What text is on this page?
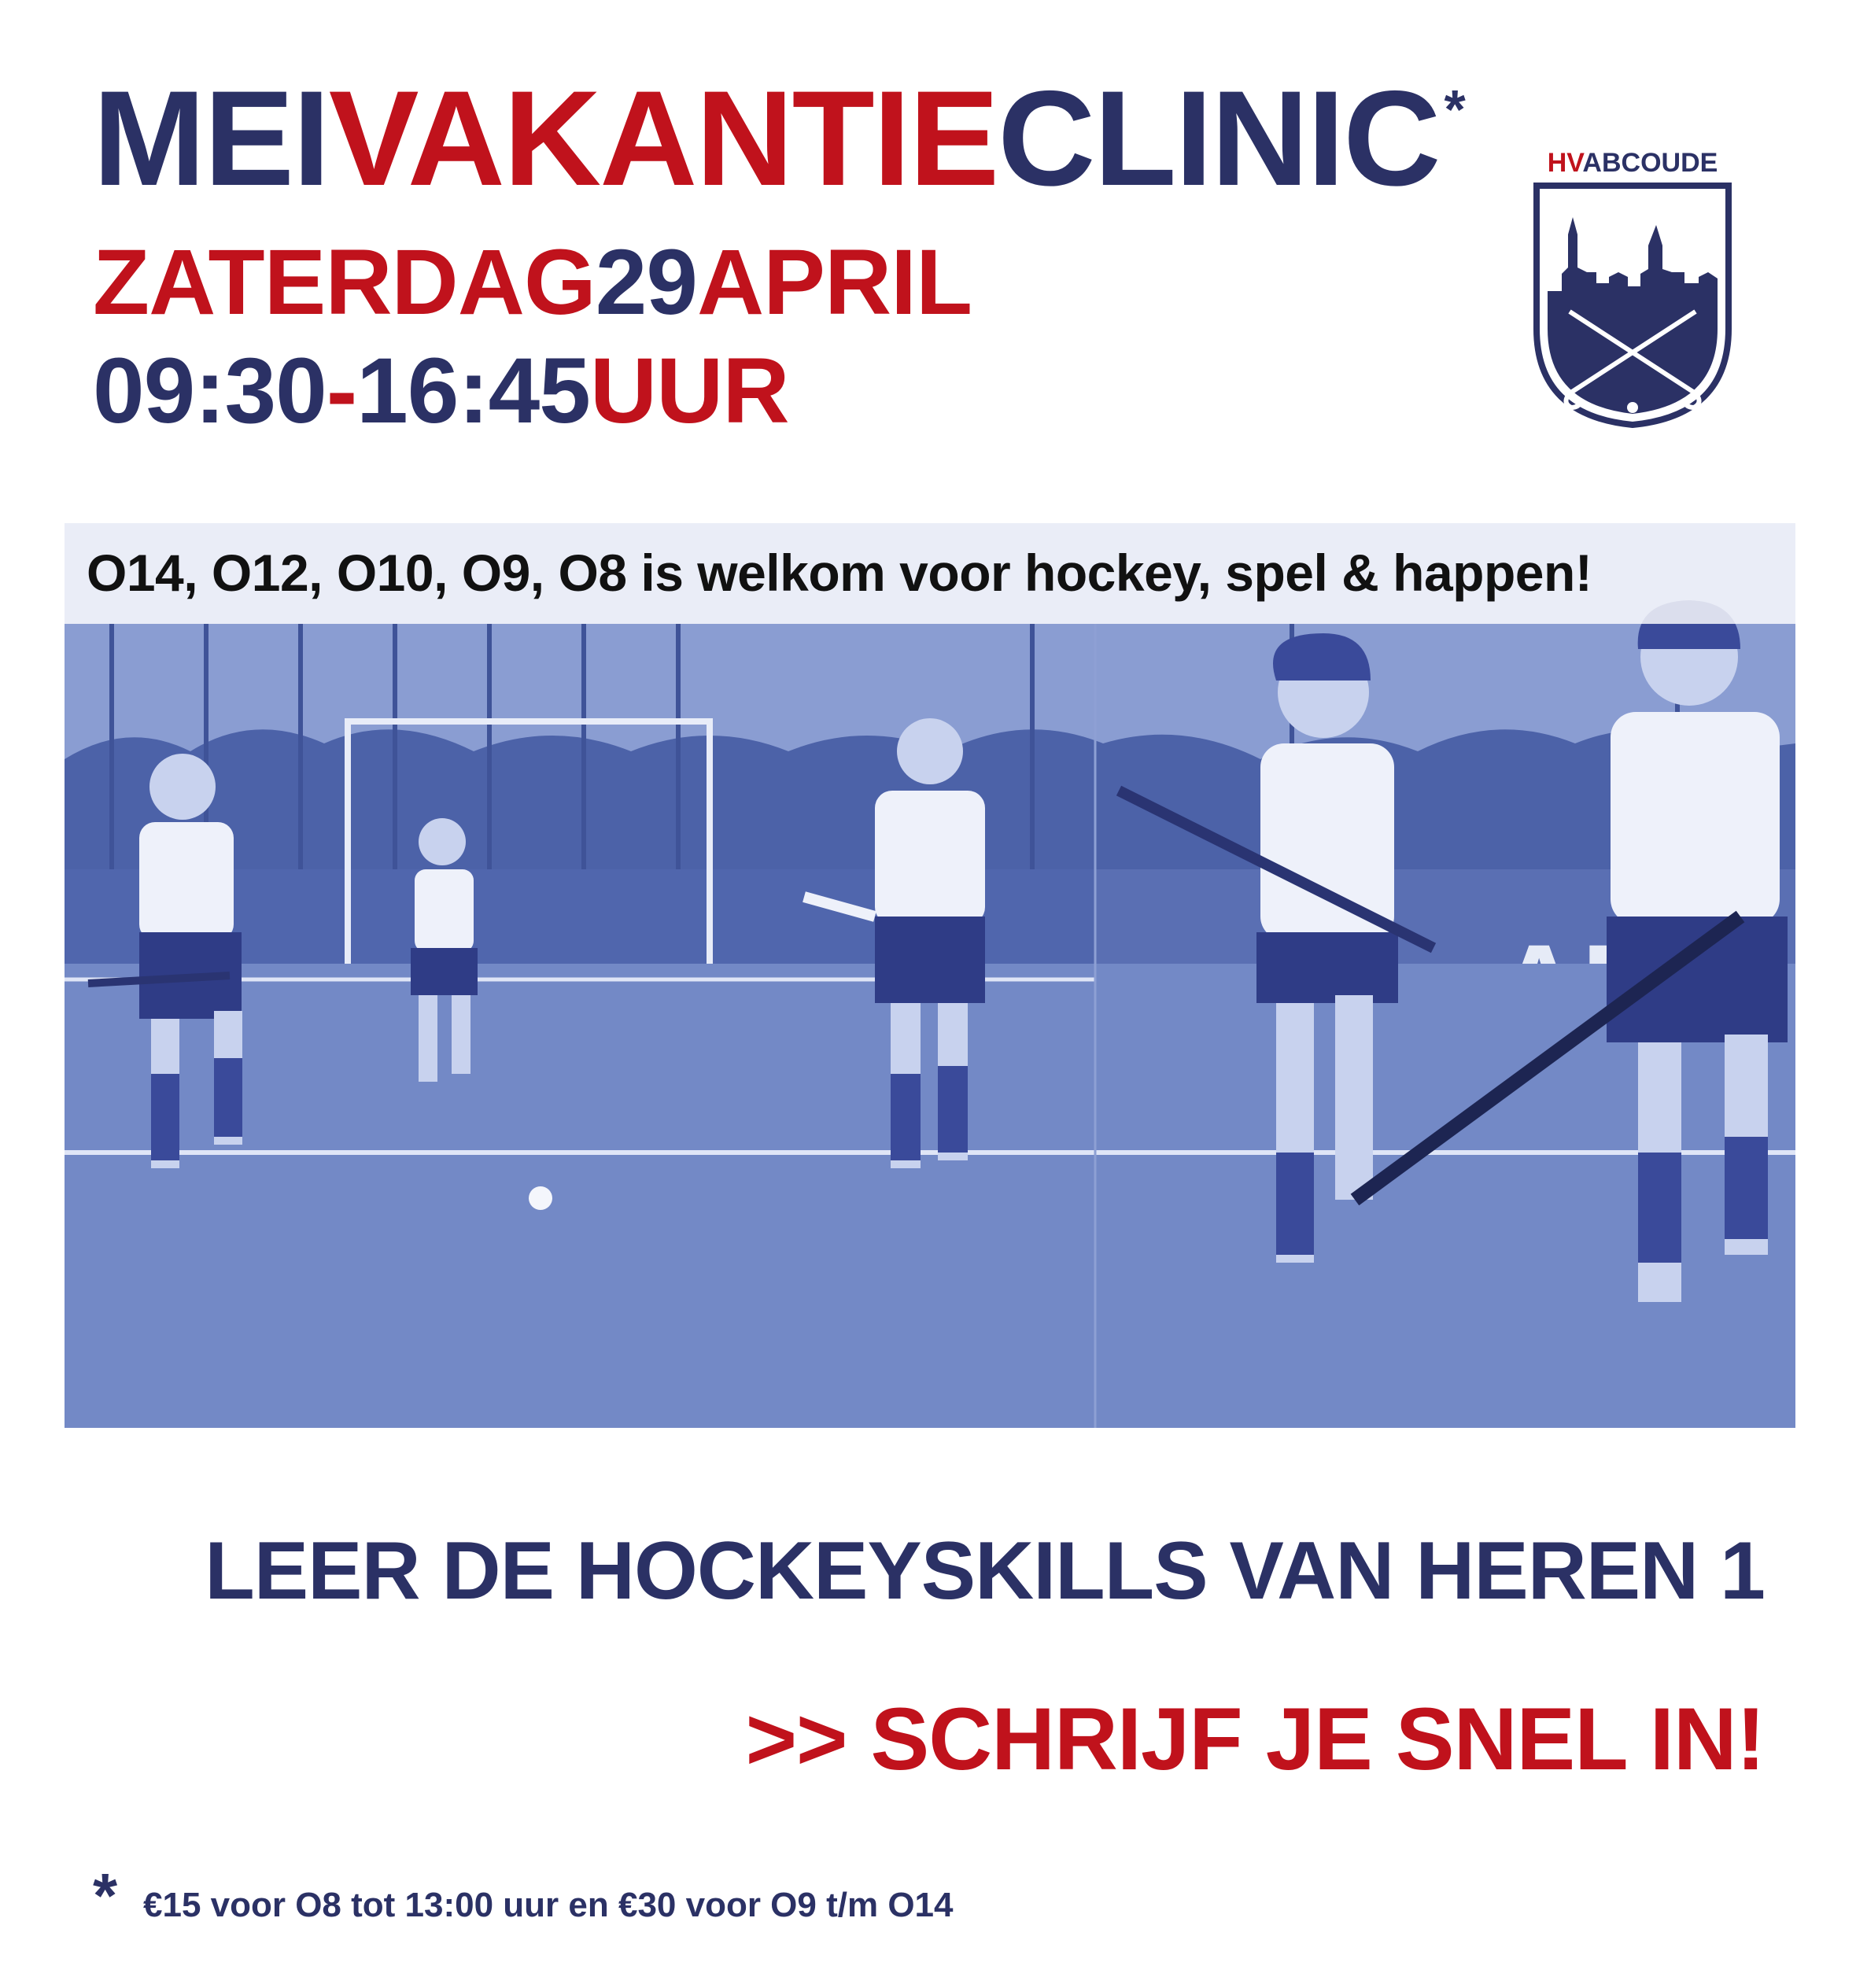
MEIVAKANTIECLINIC*
ZATERDAG29APRIL
09:30-16:45UUR
HVABCOUDE
O14, O12, O10, O9, O8 is welkom voor hockey, spel & happen!
LEER DE HOCKEYSKILLS VAN HEREN 1
>> SCHRIJF JE SNEL IN!
* €15 voor O8 tot 13:00 uur en €30 voor O9 t/m O14
